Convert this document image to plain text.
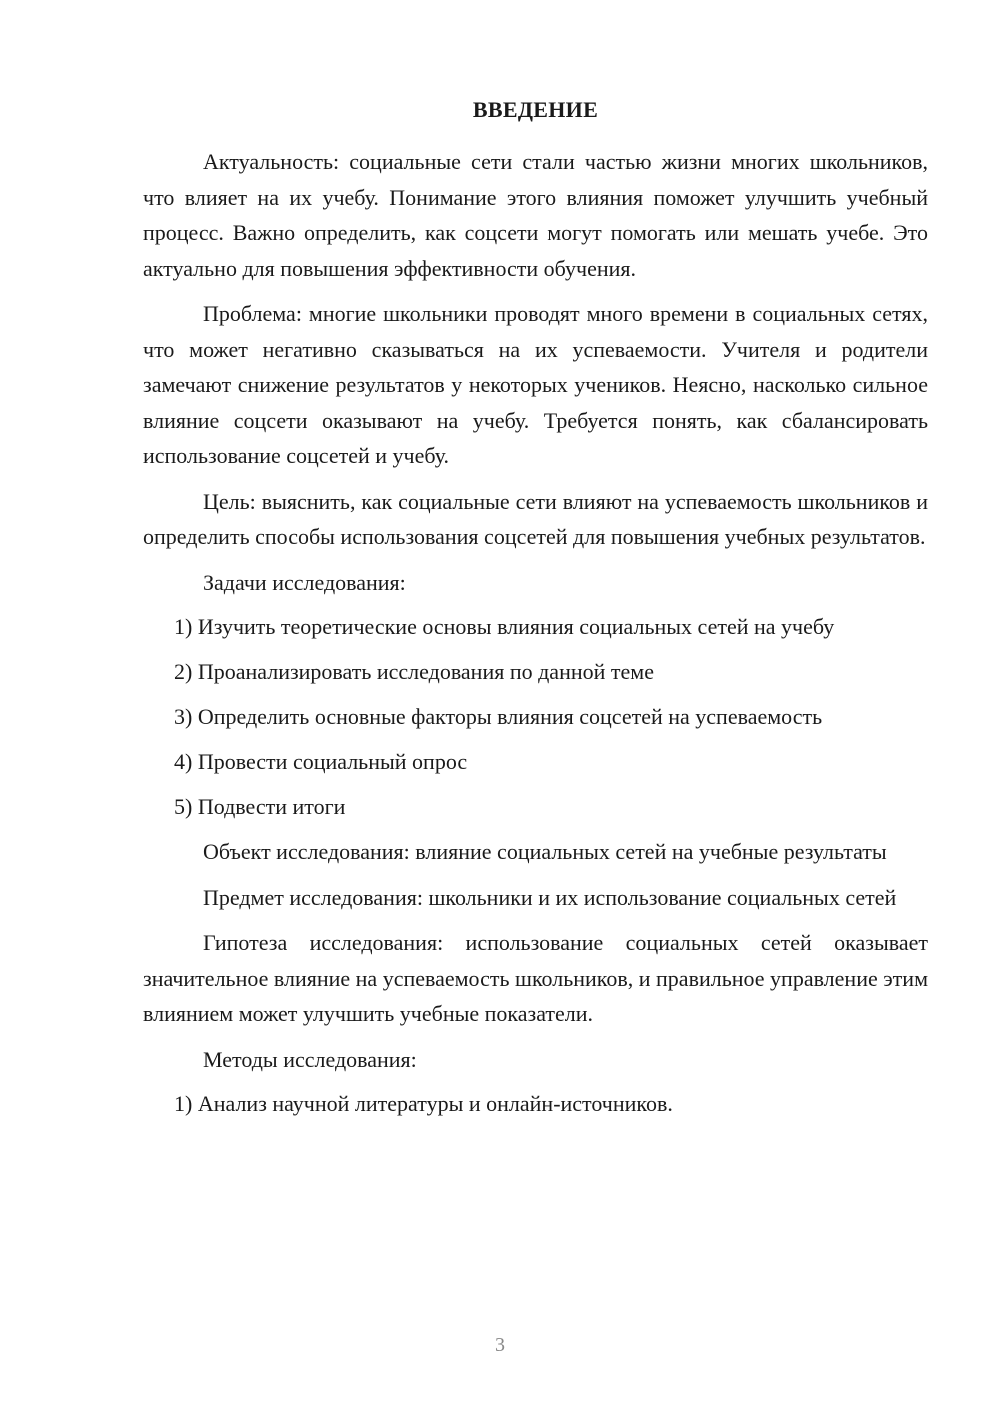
ВВЕДЕНИЕ

Актуальность: социальные сети стали частью жизни многих школьников, что влияет на их учебу. Понимание этого влияния поможет улучшить учебный процесс. Важно определить, как соцсети могут помогать или мешать учебе. Это актуально для повышения эффективности обучения.

Проблема: многие школьники проводят много времени в социальных сетях, что может негативно сказываться на их успеваемости. Учителя и родители замечают снижение результатов у некоторых учеников. Неясно, насколько сильное влияние соцсети оказывают на учебу. Требуется понять, как сбалансировать использование соцсетей и учебу.

Цель: выяснить, как социальные сети влияют на успеваемость школьников и определить способы использования соцсетей для повышения учебных результатов.

Задачи исследования:

1) Изучить теоретические основы влияния социальных сетей на учебу
2) Проанализировать исследования по данной теме
3) Определить основные факторы влияния соцсетей на успеваемость
4) Провести социальный опрос
5) Подвести итоги

Объект исследования: влияние социальных сетей на учебные результаты

Предмет исследования: школьники и их использование социальных сетей

Гипотеза исследования: использование социальных сетей оказывает значительное влияние на успеваемость школьников, и правильное управление этим влиянием может улучшить учебные показатели.

Методы исследования:

1) Анализ научной литературы и онлайн-источников.
3
